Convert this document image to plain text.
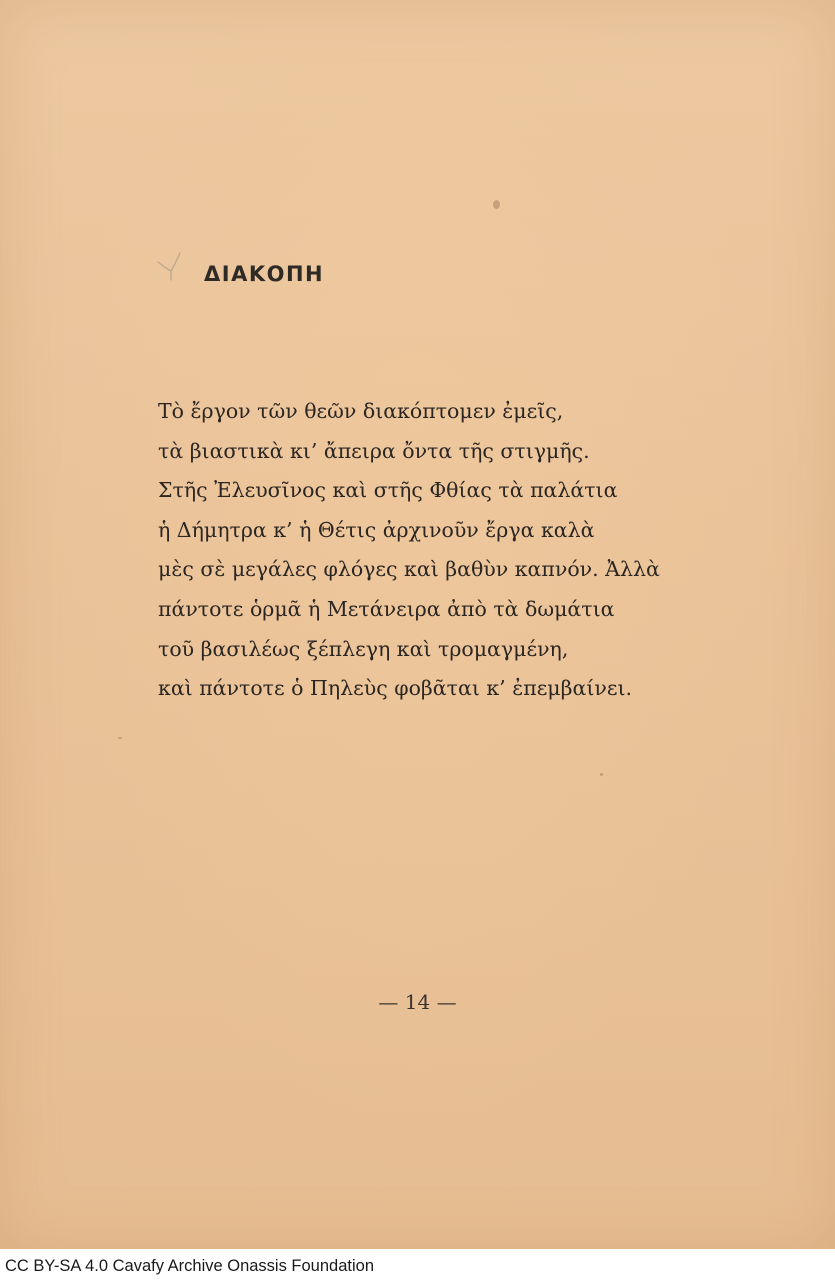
ΔΙΑΚΟΠΗ
Τὸ ἔργον τῶν θεῶν διακόπτομεν ἐμεῖς,
τὰ βιαστικὰ κι’ ἄπειρα ὄντα τῆς στιγμῆς.
Στῆς Ἐλευσῖνος καὶ στῆς Φθίας τὰ παλάτια
ἡ Δήμητρα κ’ ἡ Θέτις ἀρχινοῦν ἔργα καλὰ
μὲς σὲ μεγάλες φλόγες καὶ βαθὺν καπνόν. Ἀλλὰ
πάντοτε ὁρμᾶ ἡ Μετάνειρα ἀπὸ τὰ δωμάτια
τοῦ βασιλέως ξέπλεγη καὶ τρομαγμένη,
καὶ πάντοτε ὁ Πηλεὺς φοβᾶται κ’ ἐπεμβαίνει.

— 14 —

CC BY-SA 4.0 Cavafy Archive Onassis Foundation
